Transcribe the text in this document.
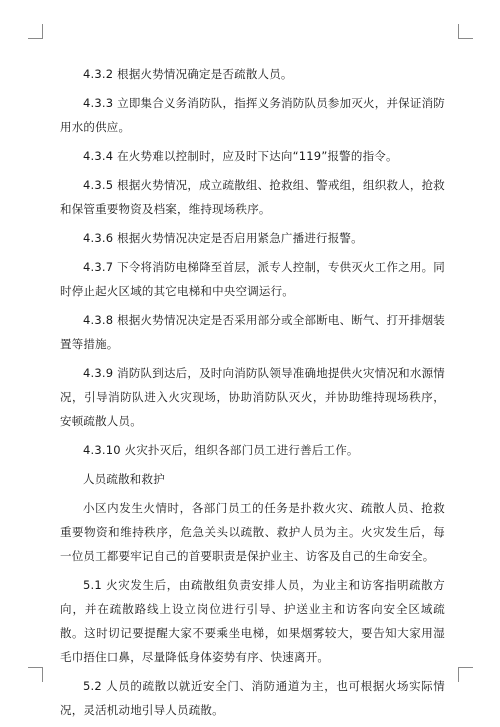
4.3.2 根据火势情况确定是否疏散人员。

4.3.3 立即集合义务消防队，指挥义务消防队员参加灭火，并保证消防用水的供应。

4.3.4 在火势难以控制时，应及时下达向“119”报警的指令。

4.3.5 根据火势情况，成立疏散组、抢救组、警戒组，组织救人，抢救和保管重要物资及档案，维持现场秩序。

4.3.6 根据火势情况决定是否启用紧急广播进行报警。

4.3.7 下令将消防电梯降至首层，派专人控制，专供灭火工作之用。同时停止起火区域的其它电梯和中央空调运行。

4.3.8 根据火势情况决定是否采用部分或全部断电、断气、打开排烟装置等措施。

4.3.9 消防队到达后，及时向消防队领导准确地提供火灾情况和水源情况，引导消防队进入火灾现场，协助消防队灭火，并协助维持现场秩序，安顿疏散人员。

4.3.10 火灾扑灭后，组织各部门员工进行善后工作。

人员疏散和救护

小区内发生火情时，各部门员工的任务是扑救火灾、疏散人员、抢救重要物资和维持秩序，危急关头以疏散、救护人员为主。火灾发生后，每一位员工都要牢记自己的首要职责是保护业主、访客及自己的生命安全。

5.1 火灾发生后，由疏散组负责安排人员，为业主和访客指明疏散方向，并在疏散路线上设立岗位进行引导、护送业主和访客向安全区域疏散。这时切记要提醒大家不要乘坐电梯，如果烟雾较大，要告知大家用湿毛巾捂住口鼻，尽量降低身体姿势有序、快速离开。

5.2 人员的疏散以就近安全门、消防通道为主，也可根据火场实际情况，灵活机动地引导人员疏散。
